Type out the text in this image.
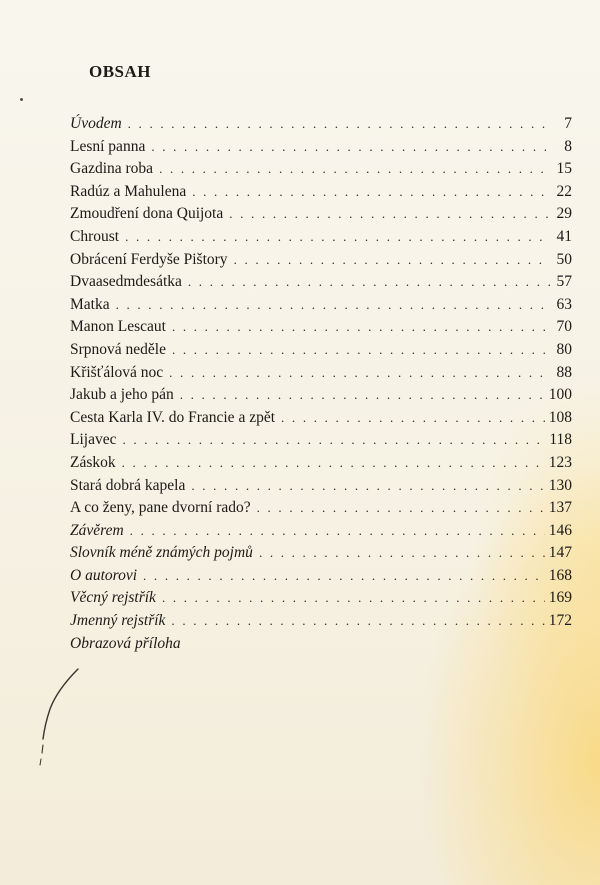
OBSAH
Úvodem . . .	7
Lesní panna . . .	8
Gazdina roba . . .	15
Radúz a Mahulena . . .	22
Zmoudření dona Quijota . . .	29
Chroust . . .	41
Obrácení Ferdyše Pištory . . .	50
Dvaasedmdesátka . . .	57
Matka . . .	63
Manon Lescaut . . .	70
Srpnová neděle . . .	80
Křišťálová noc . . .	88
Jakub a jeho pán . . .	100
Cesta Karla IV. do Francie a zpět . . .	108
Lijavec . . .	118
Záskok . . .	123
Stará dobrá kapela . . .	130
A co ženy, pane dvorní rado? . . .	137
Závěrem . . .	146
Slovník méně známých pojmů . . .	147
O autorovi . . .	168
Věcný rejstřík . . .	169
Jmenný rejstřík . . .	172
Obrazová příloha
